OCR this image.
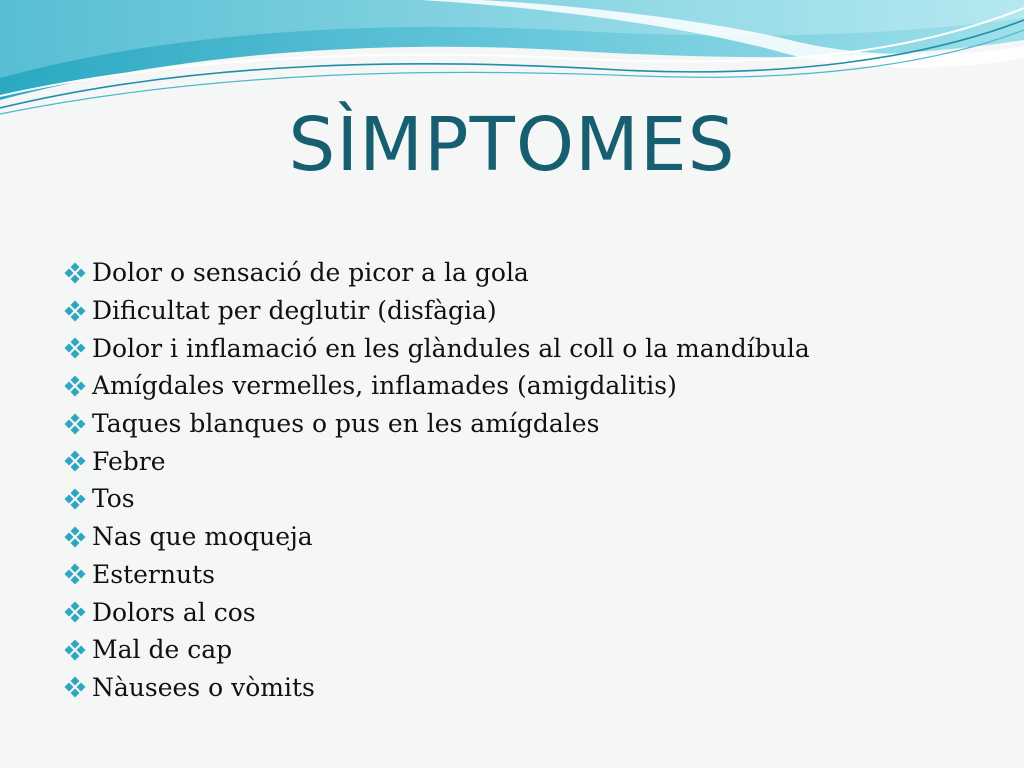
SÌMPTOMES
Dolor o sensació de picor a la gola
Dificultat per deglutir (disfàgia)
Dolor i inflamació en les glàndules al coll o la mandíbula
Amígdales vermelles, inflamades (amigdalitis)
Taques blanques o pus en les amígdales
Febre
Tos
Nas que moqueja
Esternuts
Dolors al cos
Mal de cap
Nàusees o vòmits
